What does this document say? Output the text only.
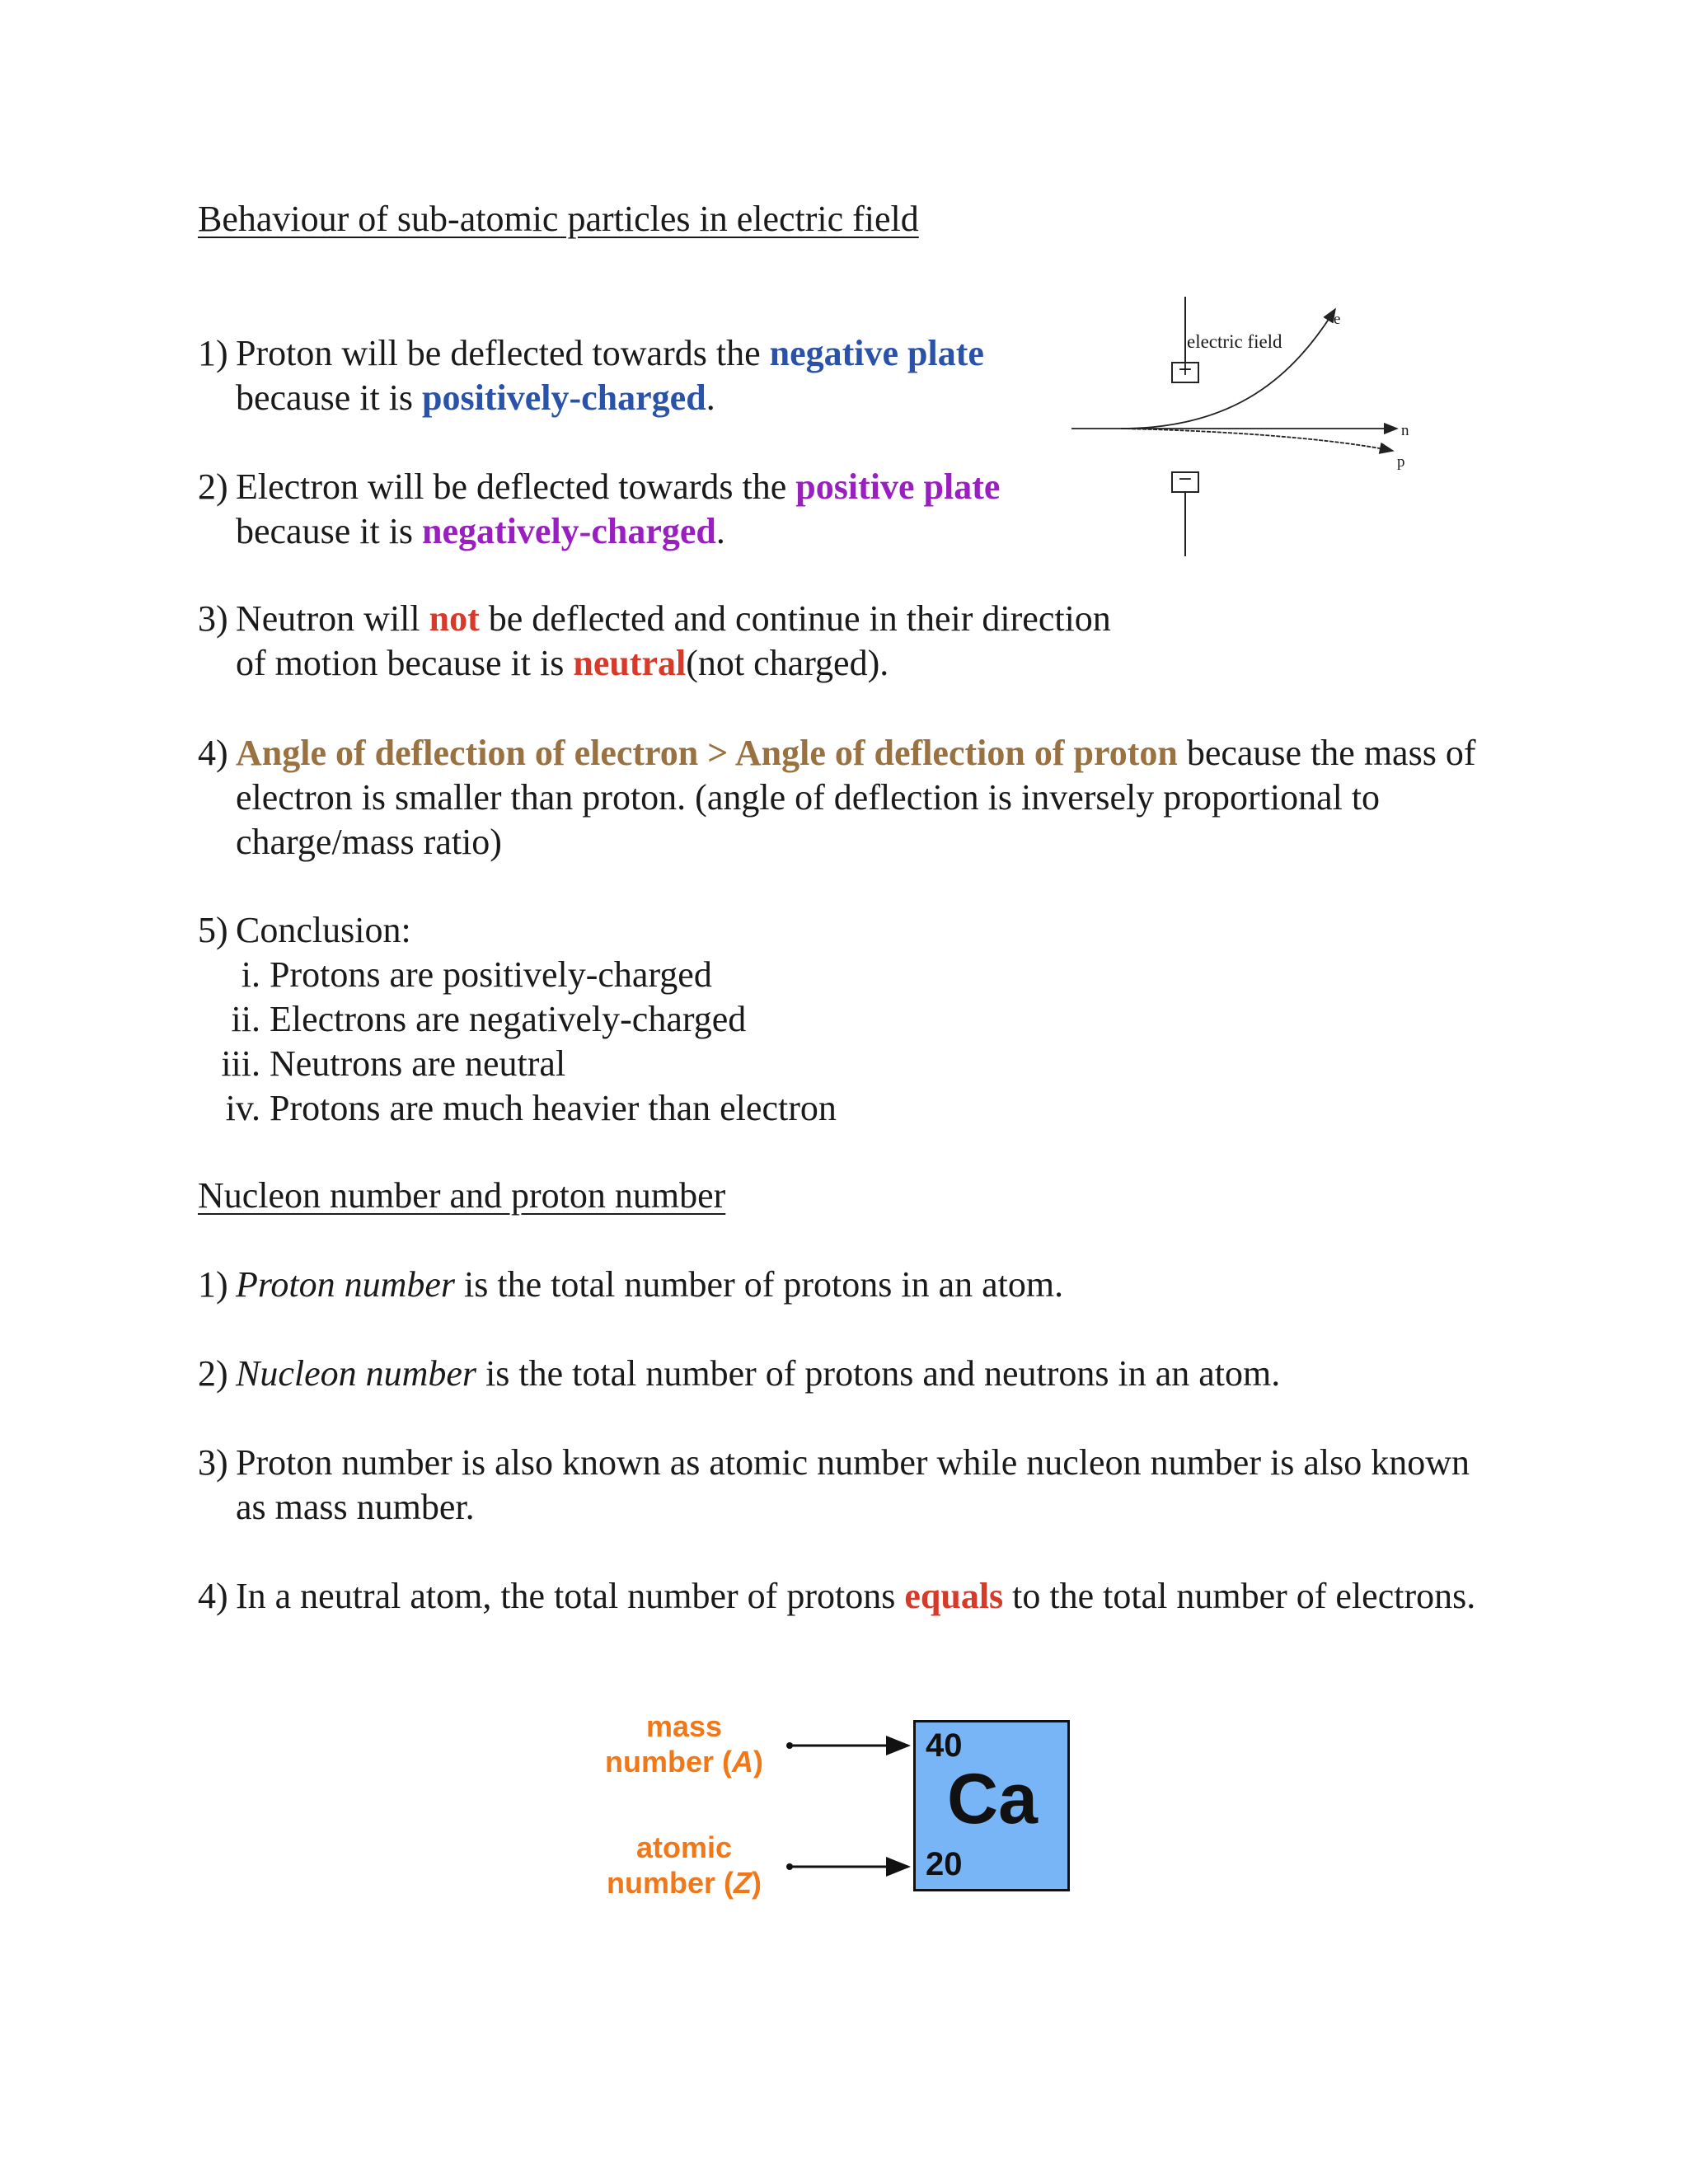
Behaviour of sub-atomic particles in electric field
1) Proton will be deflected towards the negative plate because it is positively-charged.
2) Electron will be deflected towards the positive plate because it is negatively-charged.
3) Neutron will not be deflected and continue in their direction of motion because it is neutral(not charged).
4) Angle of deflection of electron > Angle of deflection of proton because the mass of electron is smaller than proton. (angle of deflection is inversely proportional to charge/mass ratio)
5) Conclusion:
i. Protons are positively-charged
ii. Electrons are negatively-charged
iii. Neutrons are neutral
iv. Protons are much heavier than electron
electric field
+
−
e
n
p
Nucleon number and proton number
1) Proton number is the total number of protons in an atom.
2) Nucleon number is the total number of protons and neutrons in an atom.
3) Proton number is also known as atomic number while nucleon number is also known as mass number.
4) In a neutral atom, the total number of protons equals to the total number of electrons.
mass
number (A)
atomic
number (Z)
40
Ca
20
